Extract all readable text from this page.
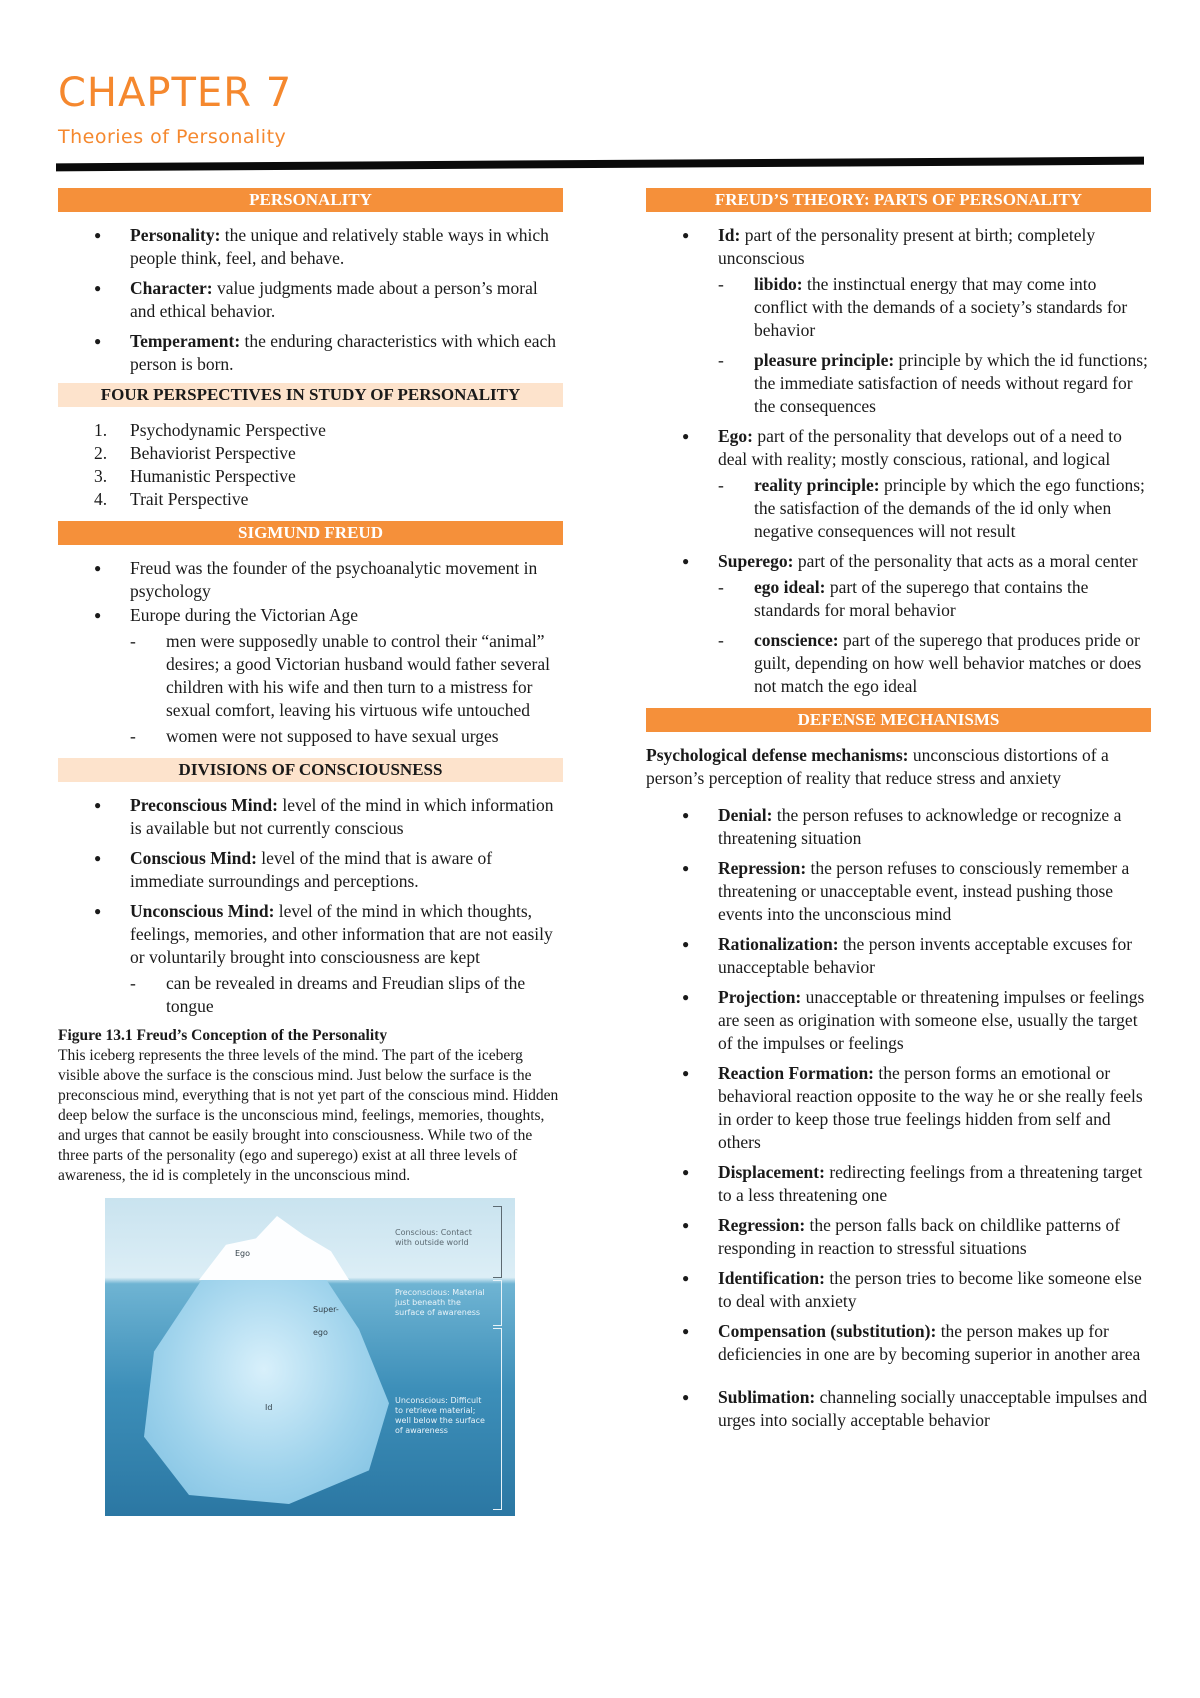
CHAPTER 7
Theories of Personality
PERSONALITY
● Personality: the unique and relatively stable ways in which people think, feel, and behave.
● Character: value judgments made about a person’s moral and ethical behavior.
● Temperament: the enduring characteristics with which each person is born.
FOUR PERSPECTIVES IN STUDY OF PERSONALITY
1. Psychodynamic Perspective
2. Behaviorist Perspective
3. Humanistic Perspective
4. Trait Perspective
SIGMUND FREUD
● Freud was the founder of the psychoanalytic movement in psychology
● Europe during the Victorian Age
- men were supposedly unable to control their “animal” desires; a good Victorian husband would father several children with his wife and then turn to a mistress for sexual comfort, leaving his virtuous wife untouched
- women were not supposed to have sexual urges
DIVISIONS OF CONSCIOUSNESS
● Preconscious Mind: level of the mind in which information is available but not currently conscious
● Conscious Mind: level of the mind that is aware of immediate surroundings and perceptions.
● Unconscious Mind: level of the mind in which thoughts, feelings, memories, and other information that are not easily or voluntarily brought into consciousness are kept
- can be revealed in dreams and Freudian slips of the tongue
Figure 13.1 Freud’s Conception of the Personality
This iceberg represents the three levels of the mind. The part of the iceberg visible above the surface is the conscious mind. Just below the surface is the preconscious mind, everything that is not yet part of the conscious mind. Hidden deep below the surface is the unconscious mind, feelings, memories, thoughts, and urges that cannot be easily brought into consciousness. While two of the three parts of the personality (ego and superego) exist at all three levels of awareness, the id is completely in the unconscious mind.
Ego
Super-ego
Id
Conscious: Contact with outside world
Preconscious: Material just beneath the surface of awareness
Unconscious: Difficult to retrieve material; well below the surface of awareness
FREUD’S THEORY: PARTS OF PERSONALITY
● Id: part of the personality present at birth; completely unconscious
- libido: the instinctual energy that may come into conflict with the demands of a society’s standards for behavior
- pleasure principle: principle by which the id functions; the immediate satisfaction of needs without regard for the consequences
● Ego: part of the personality that develops out of a need to deal with reality; mostly conscious, rational, and logical
- reality principle: principle by which the ego functions; the satisfaction of the demands of the id only when negative consequences will not result
● Superego: part of the personality that acts as a moral center
- ego ideal: part of the superego that contains the standards for moral behavior
- conscience: part of the superego that produces pride or guilt, depending on how well behavior matches or does not match the ego ideal
DEFENSE MECHANISMS

Psychological defense mechanisms: unconscious distortions of a person’s perception of reality that reduce stress and anxiety

● Denial: the person refuses to acknowledge or recognize a threatening situation
● Repression: the person refuses to consciously remember a threatening or unacceptable event, instead pushing those events into the unconscious mind
● Rationalization: the person invents acceptable excuses for unacceptable behavior
● Projection: unacceptable or threatening impulses or feelings are seen as origination with someone else, usually the target of the impulses or feelings
● Reaction Formation: the person forms an emotional or behavioral reaction opposite to the way he or she really feels in order to keep those true feelings hidden from self and others
● Displacement: redirecting feelings from a threatening target to a less threatening one
● Regression: the person falls back on childlike patterns of responding in reaction to stressful situations
● Identification: the person tries to become like someone else to deal with anxiety
● Compensation (substitution): the person makes up for deficiencies in one are by becoming superior in another area
● Sublimation: channeling socially unacceptable impulses and urges into socially acceptable behavior
